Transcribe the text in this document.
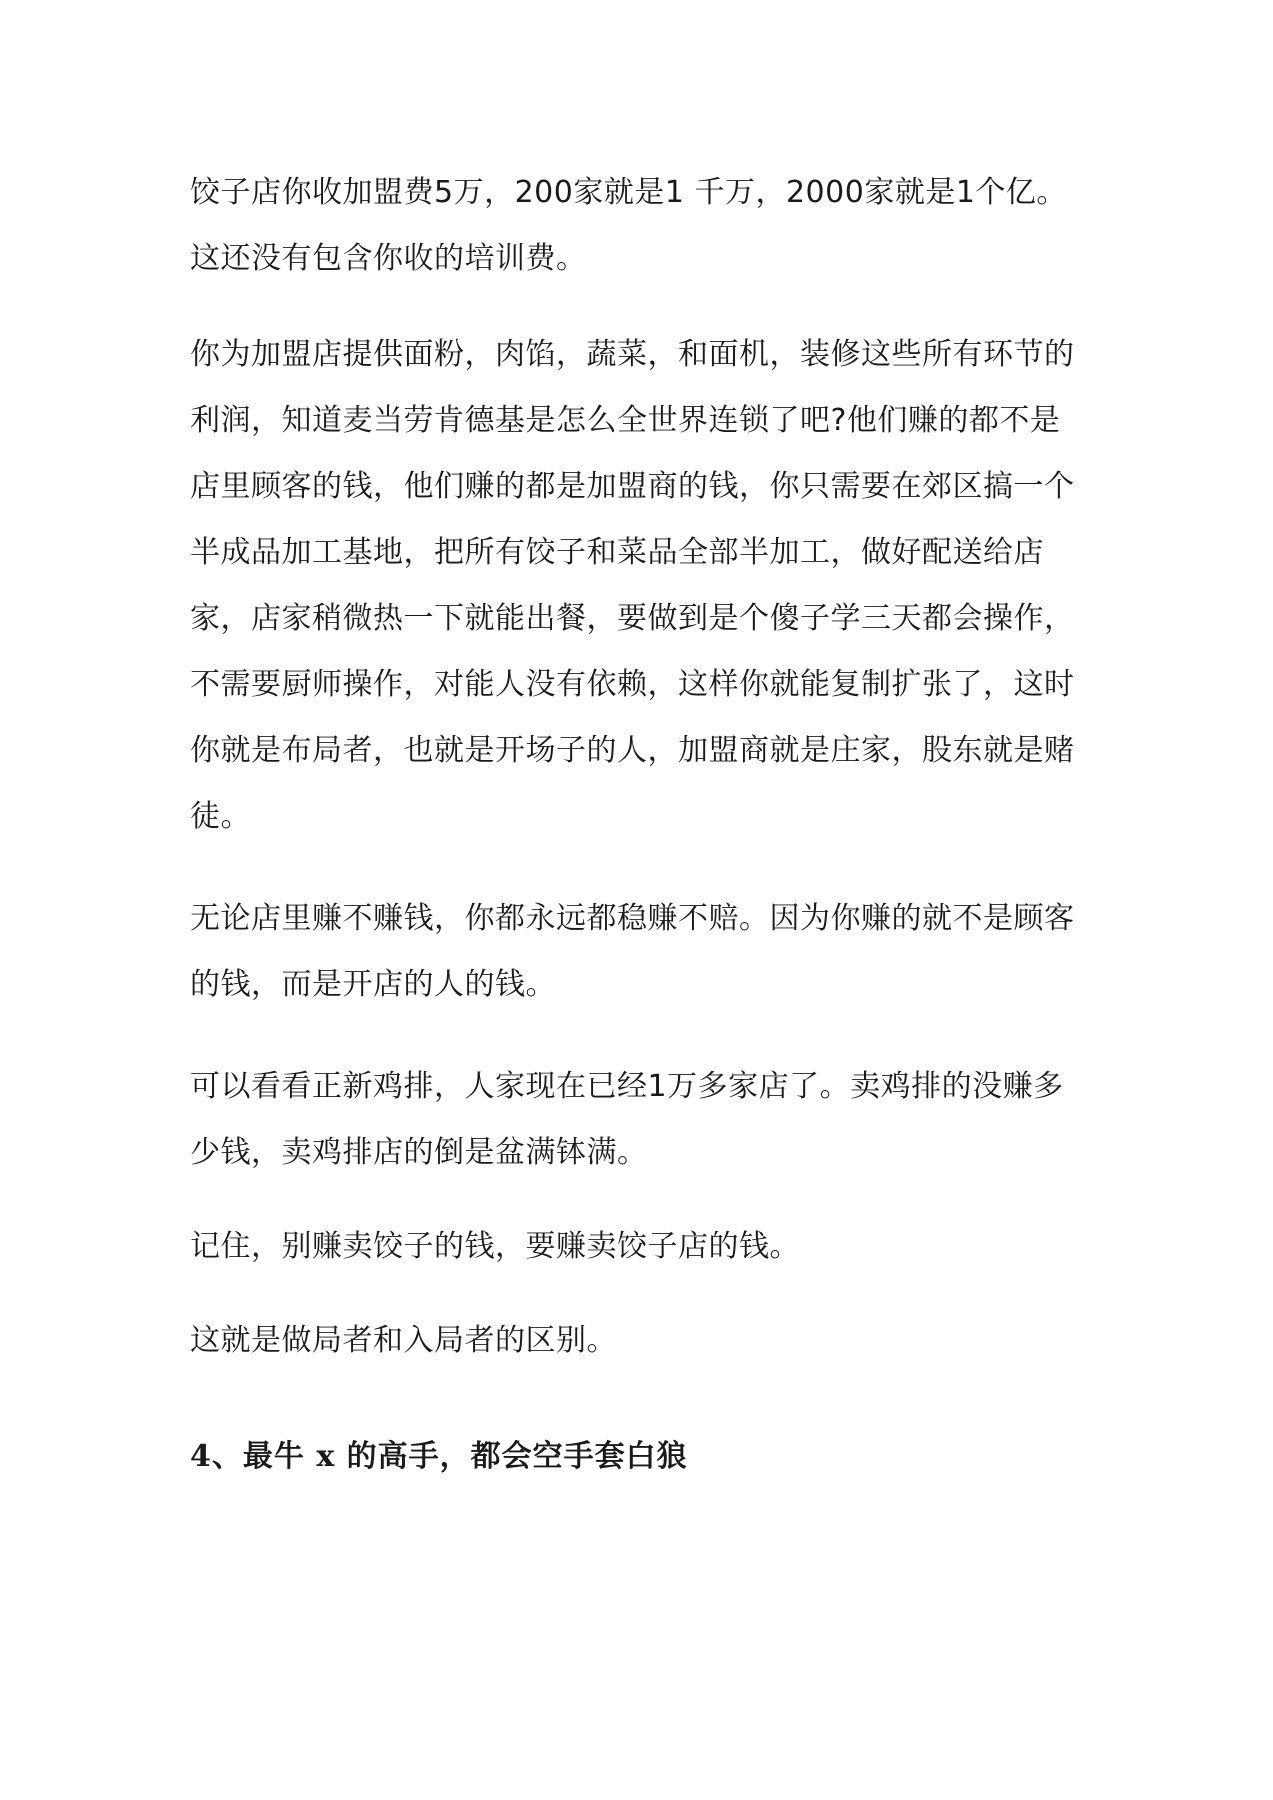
饺子店你收加盟费5万，200家就是1 千万，2000家就是1个亿。这还没有包含你收的培训费。

你为加盟店提供面粉，肉馅，蔬菜，和面机，装修这些所有环节的利润，知道麦当劳肯德基是怎么全世界连锁了吧?他们赚的都不是店里顾客的钱，他们赚的都是加盟商的钱，你只需要在郊区搞一个半成品加工基地，把所有饺子和菜品全部半加工，做好配送给店家，店家稍微热一下就能出餐，要做到是个傻子学三天都会操作，不需要厨师操作，对能人没有依赖，这样你就能复制扩张了，这时你就是布局者，也就是开场子的人，加盟商就是庄家，股东就是赌徒。

无论店里赚不赚钱，你都永远都稳赚不赔。因为你赚的就不是顾客的钱，而是开店的人的钱。

可以看看正新鸡排，人家现在已经1万多家店了。卖鸡排的没赚多少钱，卖鸡排店的倒是盆满钵满。

记住，别赚卖饺子的钱，要赚卖饺子店的钱。

这就是做局者和入局者的区别。

4、最牛 x 的高手，都会空手套白狼
